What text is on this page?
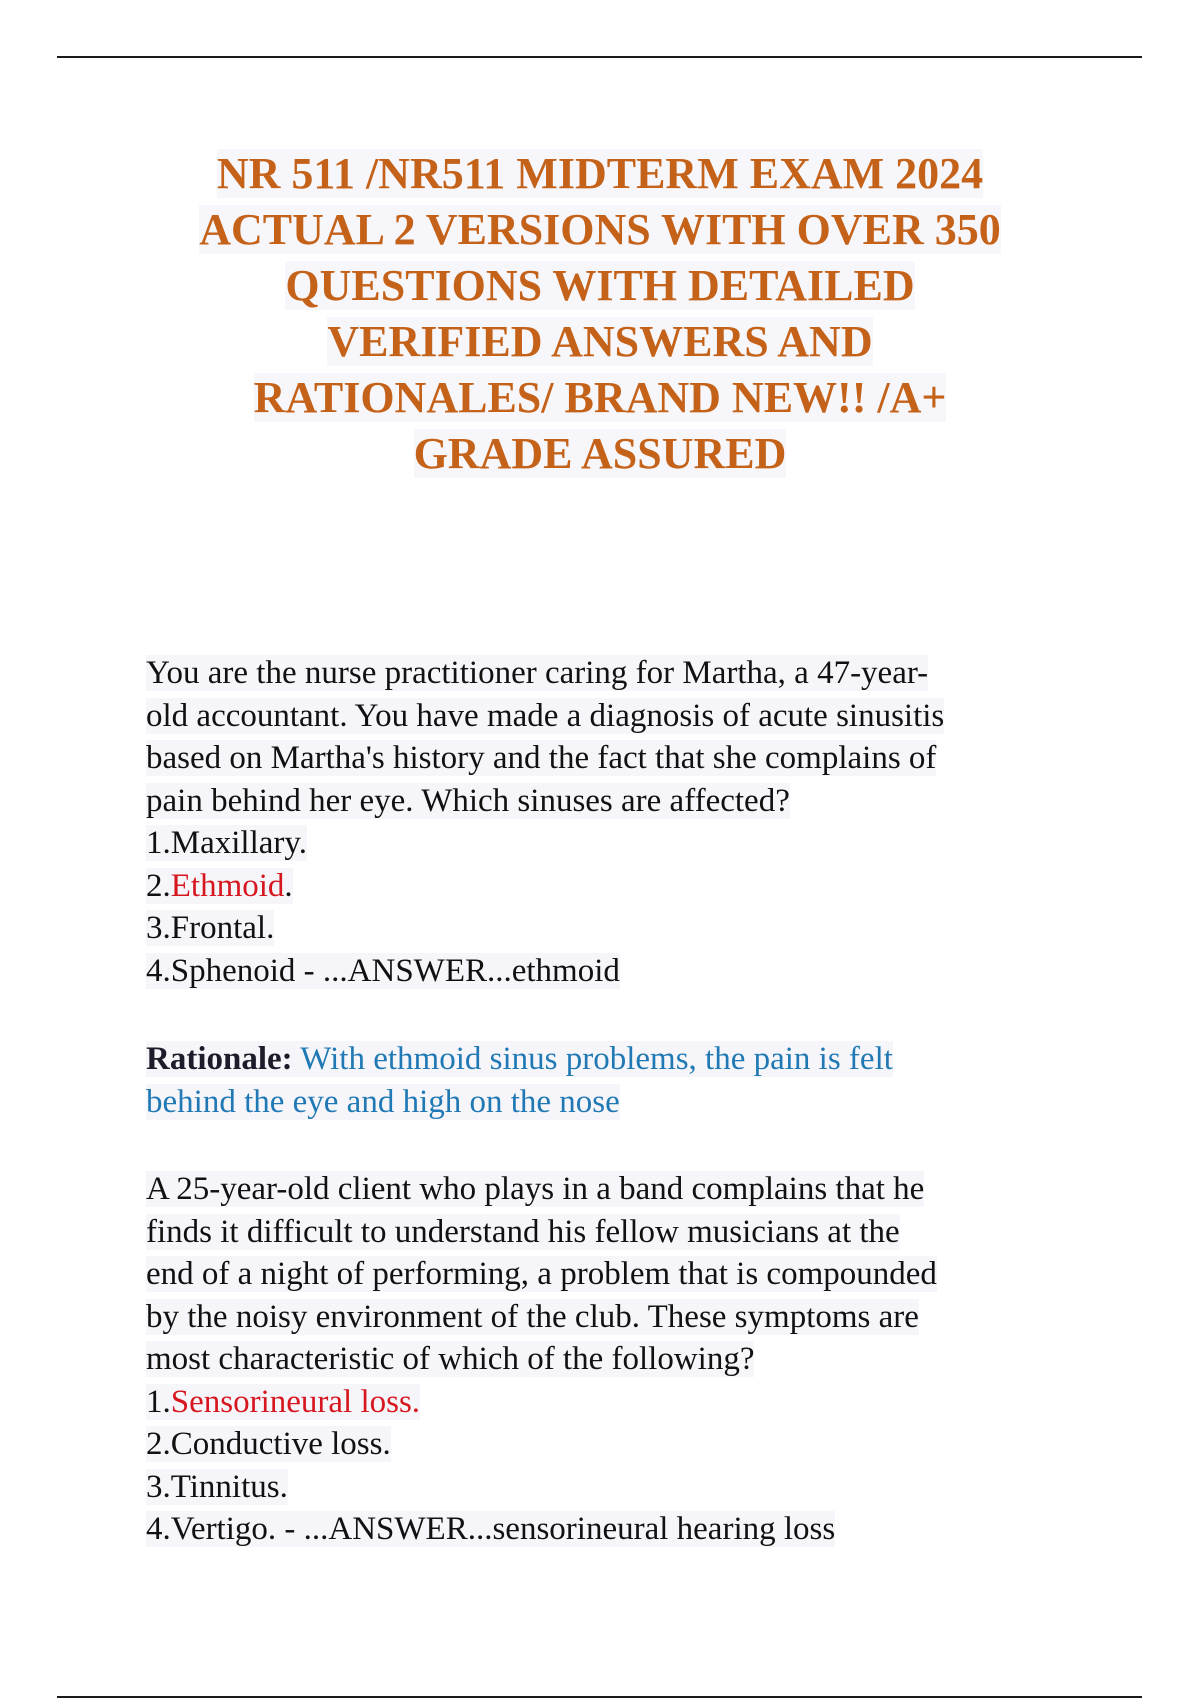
NR 511 /NR511 MIDTERM EXAM 2024
ACTUAL 2 VERSIONS WITH OVER 350
QUESTIONS WITH DETAILED
VERIFIED ANSWERS AND
RATIONALES/ BRAND NEW!! /A+
GRADE ASSURED

You are the nurse practitioner caring for Martha, a 47-year-

old accountant. You have made a diagnosis of acute sinusitis

based on Martha's history and the fact that she complains of

pain behind her eye. Which sinuses are affected?

1.Maxillary.

2.Ethmoid.

3.Frontal.

4.Sphenoid - ...ANSWER...ethmoid

Rationale: With ethmoid sinus problems, the pain is felt

behind the eye and high on the nose

A 25-year-old client who plays in a band complains that he

finds it difficult to understand his fellow musicians at the

end of a night of performing, a problem that is compounded

by the noisy environment of the club. These symptoms are

most characteristic of which of the following?

1.Sensorineural loss.

2.Conductive loss.

3.Tinnitus.

4.Vertigo. - ...ANSWER...sensorineural hearing loss
